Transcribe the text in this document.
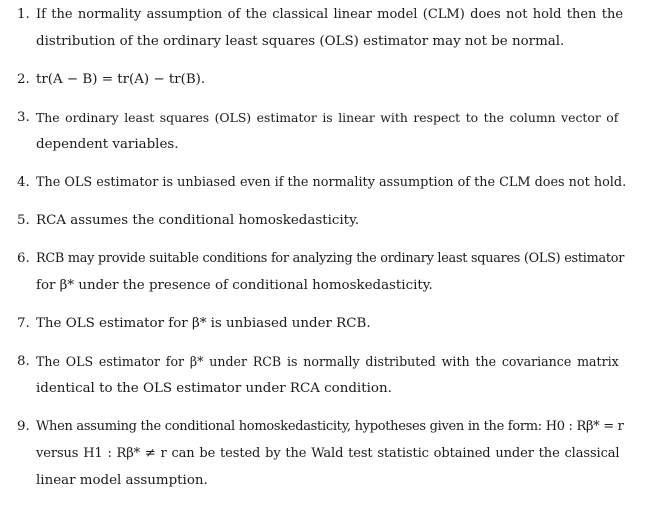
1. If the normality assumption of the classical linear model (CLM) does not hold then the
distribution of the ordinary least squares (OLS) estimator may not be normal.
2. tr(A − B) = tr(A) − tr(B).
3. The ordinary least squares (OLS) estimator is linear with respect to the column vector of
dependent variables.
4. The OLS estimator is unbiased even if the normality assumption of the CLM does not hold.
5. RCA assumes the conditional homoskedasticity.
6. RCB may provide suitable conditions for analyzing the ordinary least squares (OLS) estimator
for β* under the presence of conditional homoskedasticity.
7. The OLS estimator for β* is unbiased under RCB.
8. The OLS estimator for β* under RCB is normally distributed with the covariance matrix
identical to the OLS estimator under RCA condition.
9. When assuming the conditional homoskedasticity, hypotheses given in the form: H0 : Rβ* = r
versus H1 : Rβ* ≠ r can be tested by the Wald test statistic obtained under the classical
linear model assumption.
